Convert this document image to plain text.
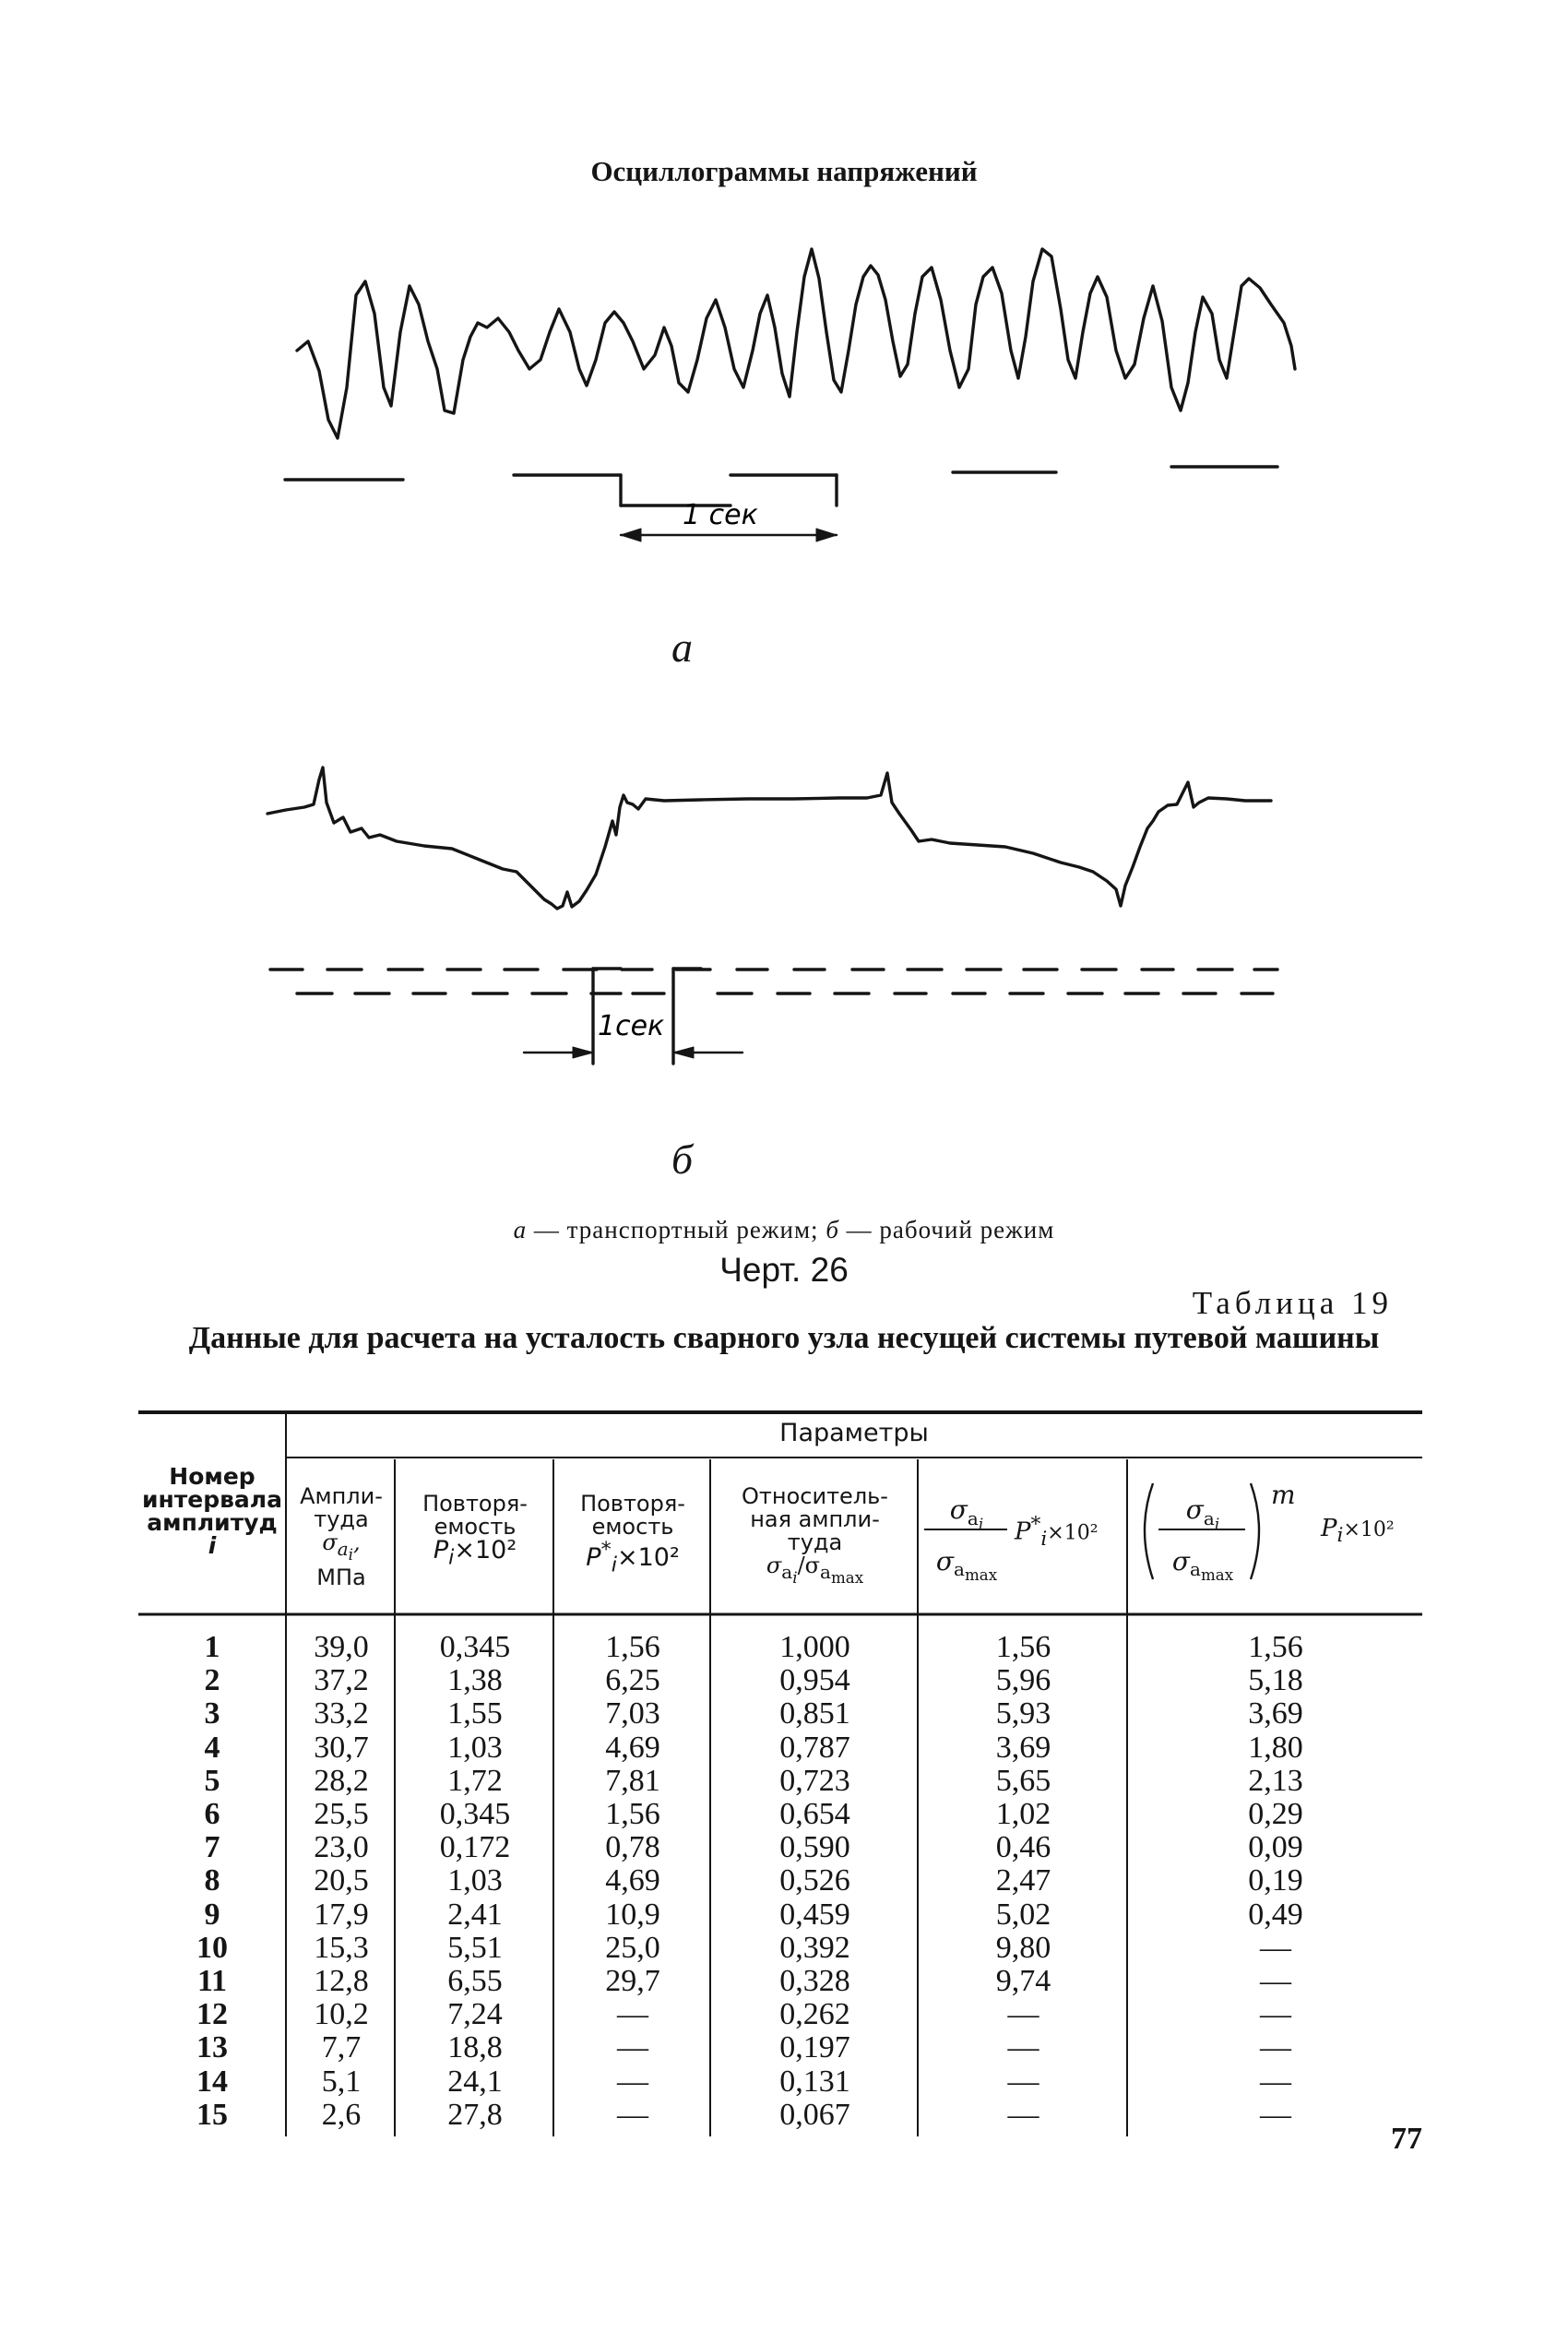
Осциллограммы напряжений
1 сек
1сек
а
б
а — транспортный режим; б — рабочий режим
Черт. 26
Таблица 19
Данные для расчета на усталость сварного узла несущей системы путевой машины
Параметры
Номер
интервала
амплитуд
i
Ампли-
туда
$\sigma_{a_i}$,
МПа
Повторя-
емость
$P_i\times 10^2$
Повторя-
емость
$P^*_i\times 10^2$
Относитель-
ная ампли-
туда
$\sigma_{a_i}/\sigma_{a_{max}}$
$\sigma_{a_i}$
$\sigma_{a_{max}}$
$P^*_i\times 10^2$
$\sigma_{a_i}$
$\sigma_{a_{max}}$
m
$P_i\times 10^2$
1	39,0	0,345	1,56	1,000	1,56	1,56
2	37,2	1,38	6,25	0,954	5,96	5,18
3	33,2	1,55	7,03	0,851	5,93	3,69
4	30,7	1,03	4,69	0,787	3,69	1,80
5	28,2	1,72	7,81	0,723	5,65	2,13
6	25,5	0,345	1,56	0,654	1,02	0,29
7	23,0	0,172	0,78	0,590	0,46	0,09
8	20,5	1,03	4,69	0,526	2,47	0,19
9	17,9	2,41	10,9	0,459	5,02	0,49
10	15,3	5,51	25,0	0,392	9,80	—
11	12,8	6,55	29,7	0,328	9,74	—
12	10,2	7,24	—	0,262	—	—
13	7,7	18,8	—	0,197	—	—
14	5,1	24,1	—	0,131	—	—
15	2,6	27,8	—	0,067	—	—
77
